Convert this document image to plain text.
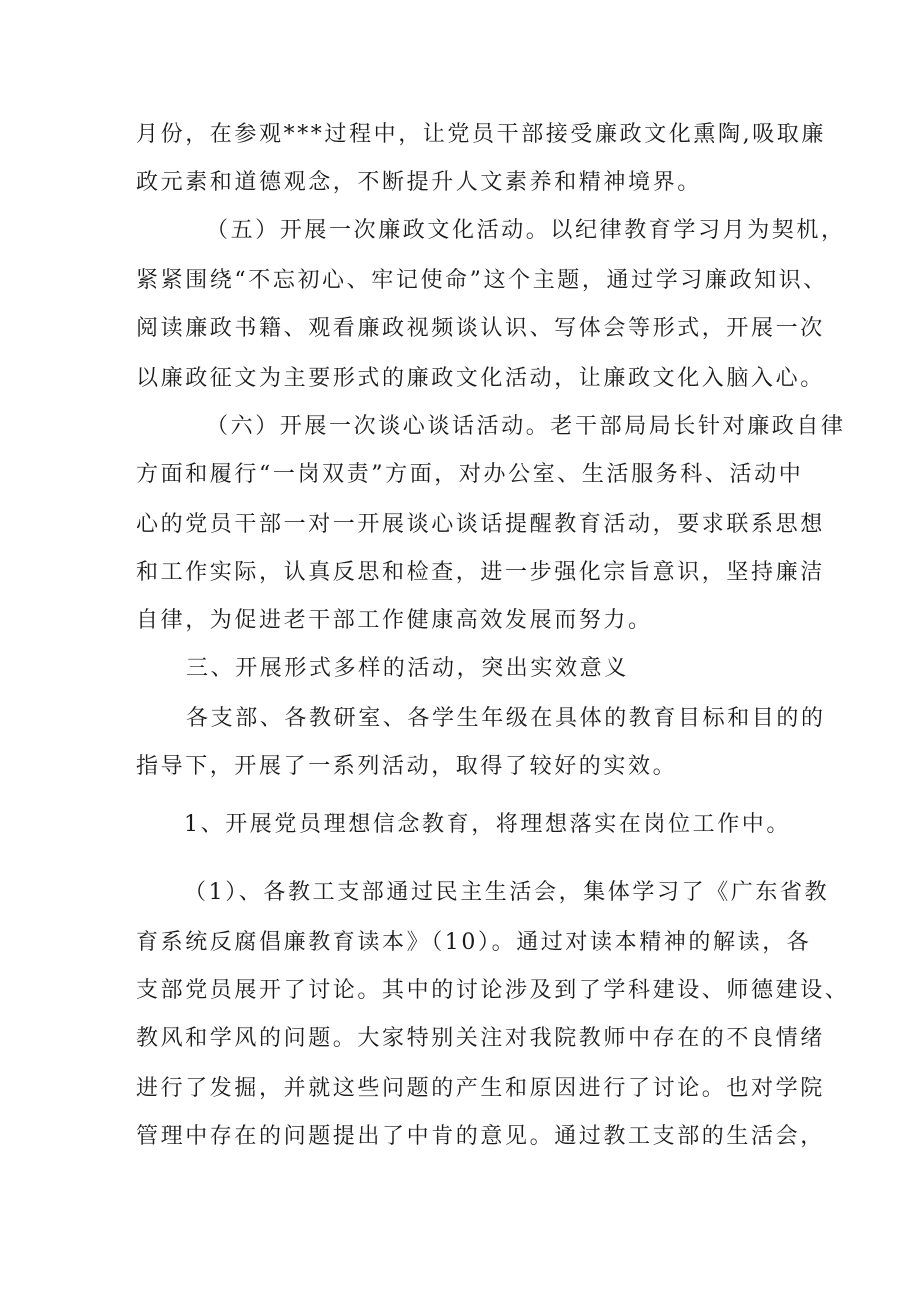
月份，在参观***过程中，让党员干部接受廉政文化熏陶,吸取廉
政元素和道德观念，不断提升人文素养和精神境界。
（五）开展一次廉政文化活动。以纪律教育学习月为契机，
紧紧围绕“不忘初心、牢记使命”这个主题，通过学习廉政知识、
阅读廉政书籍、观看廉政视频谈认识、写体会等形式，开展一次
以廉政征文为主要形式的廉政文化活动，让廉政文化入脑入心。
（六）开展一次谈心谈话活动。老干部局局长针对廉政自律
方面和履行“一岗双责”方面，对办公室、生活服务科、活动中
心的党员干部一对一开展谈心谈话提醒教育活动，要求联系思想
和工作实际，认真反思和检查，进一步强化宗旨意识，坚持廉洁
自律，为促进老干部工作健康高效发展而努力。
三、开展形式多样的活动，突出实效意义
各支部、各教研室、各学生年级在具体的教育目标和目的的
指导下，开展了一系列活动，取得了较好的实效。
1、开展党员理想信念教育，将理想落实在岗位工作中。
（1）、各教工支部通过民主生活会，集体学习了《广东省教
育系统反腐倡廉教育读本》（10）。通过对读本精神的解读，各
支部党员展开了讨论。其中的讨论涉及到了学科建设、师德建设、
教风和学风的问题。大家特别关注对我院教师中存在的不良情绪
进行了发掘，并就这些问题的产生和原因进行了讨论。也对学院
管理中存在的问题提出了中肯的意见。通过教工支部的生活会，
